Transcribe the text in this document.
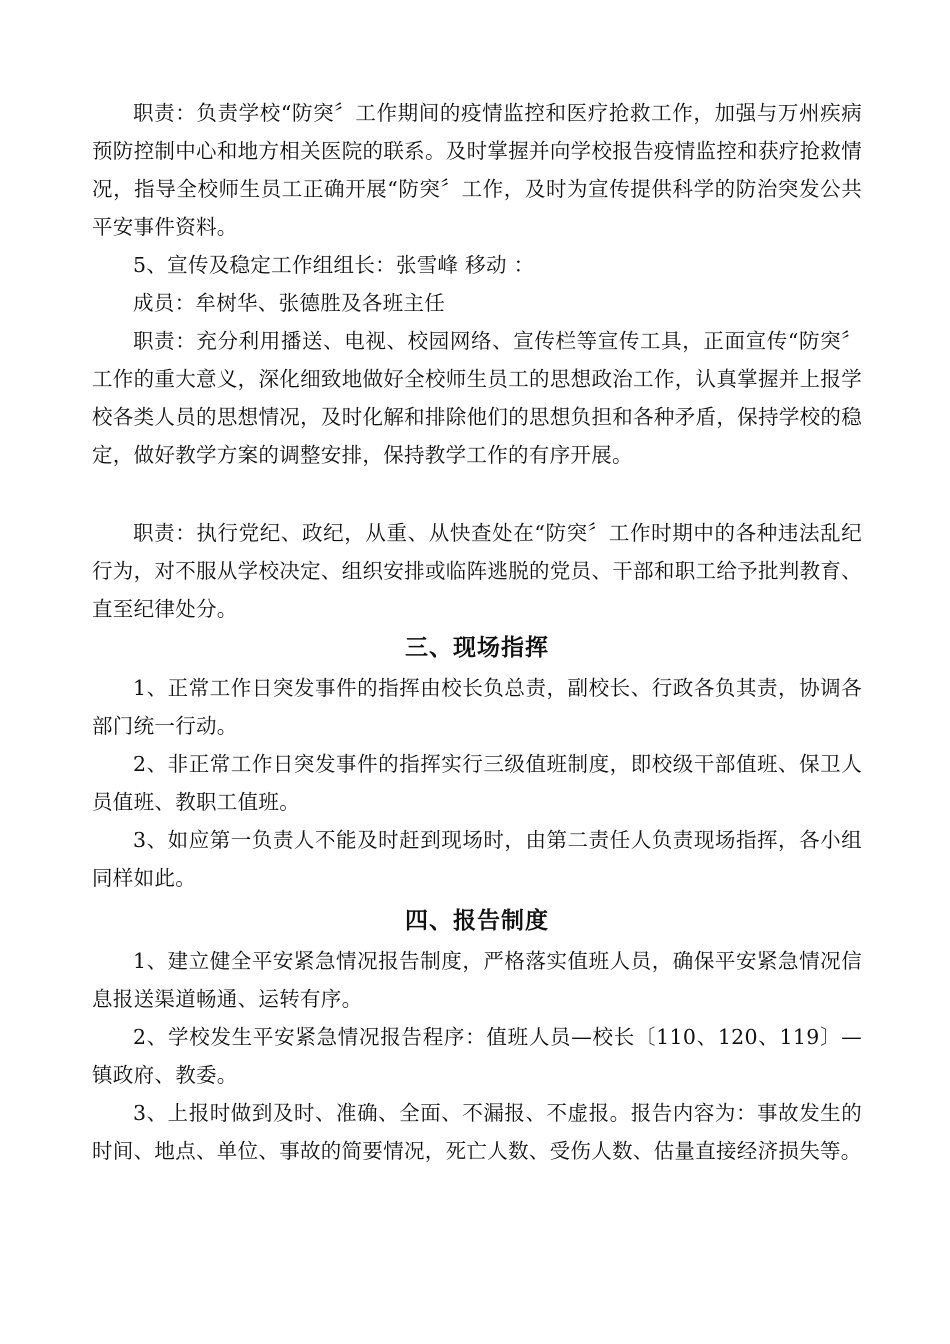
职责：负责学校“防突〞工作期间的疫情监控和医疗抢救工作，加强与万州疾病预防控制中心和地方相关医院的联系。及时掌握并向学校报告疫情监控和获疗抢救情况，指导全校师生员工正确开展“防突〞工作，及时为宣传提供科学的防治突发公共平安事件资料。

5、宣传及稳定工作组组长：张雪峰 移动 ：

成员：牟树华、张德胜及各班主任

职责：充分利用播送、电视、校园网络、宣传栏等宣传工具，正面宣传“防突〞工作的重大意义，深化细致地做好全校师生员工的思想政治工作，认真掌握并上报学校各类人员的思想情况，及时化解和排除他们的思想负担和各种矛盾，保持学校的稳定，做好教学方案的调整安排，保持教学工作的有序开展。

职责：执行党纪、政纪，从重、从快查处在“防突〞工作时期中的各种违法乱纪行为，对不服从学校决定、组织安排或临阵逃脱的党员、干部和职工给予批判教育、直至纪律处分。

三、现场指挥

1、正常工作日突发事件的指挥由校长负总责，副校长、行政各负其责，协调各部门统一行动。

2、非正常工作日突发事件的指挥实行三级值班制度，即校级干部值班、保卫人员值班、教职工值班。

3、如应第一负责人不能及时赶到现场时，由第二责任人负责现场指挥，各小组同样如此。

四、报告制度

1、建立健全平安紧急情况报告制度，严格落实值班人员，确保平安紧急情况信息报送渠道畅通、运转有序。

2、学校发生平安紧急情况报告程序：值班人员—校长〔110、120、119〕—镇政府、教委。

3、上报时做到及时、准确、全面、不漏报、不虚报。报告内容为：事故发生的时间、地点、单位、事故的简要情况，死亡人数、受伤人数、估量直接经济损失等。
